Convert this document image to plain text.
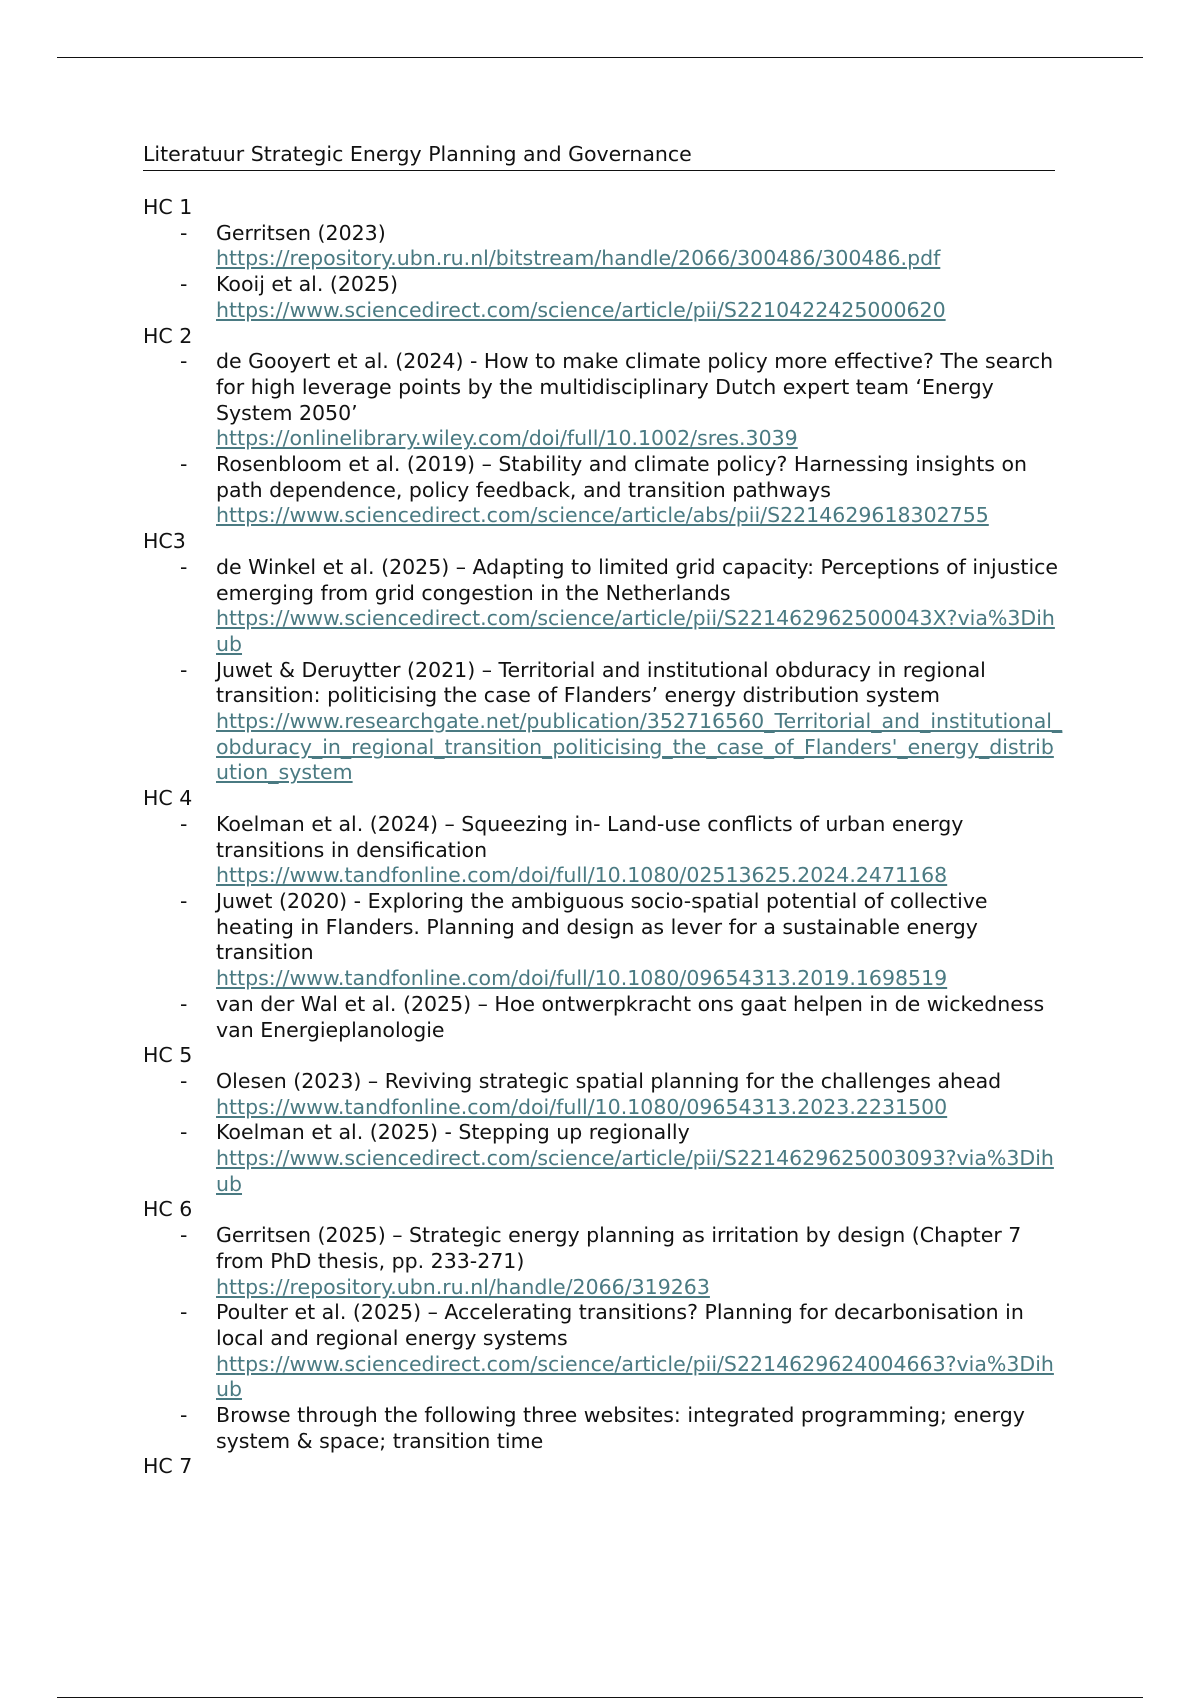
Literatuur Strategic Energy Planning and Governance
HC 1
- Gerritsen (2023)
https://repository.ubn.ru.nl/bitstream/handle/2066/300486/300486.pdf
- Kooij et al. (2025)
https://www.sciencedirect.com/science/article/pii/S2210422425000620
HC 2
- de Gooyert et al. (2024) - How to make climate policy more effective? The search for high leverage points by the multidisciplinary Dutch expert team ‘Energy System 2050’
https://onlinelibrary.wiley.com/doi/full/10.1002/sres.3039
- Rosenbloom et al. (2019) – Stability and climate policy? Harnessing insights on path dependence, policy feedback, and transition pathways
https://www.sciencedirect.com/science/article/abs/pii/S2214629618302755
HC3
- de Winkel et al. (2025) – Adapting to limited grid capacity: Perceptions of injustice emerging from grid congestion in the Netherlands
https://www.sciencedirect.com/science/article/pii/S221462962500043X?via%3Dihub
- Juwet & Deruytter (2021) – Territorial and institutional obduracy in regional transition: politicising the case of Flanders’ energy distribution system
https://www.researchgate.net/publication/352716560_Territorial_and_institutional_obduracy_in_regional_transition_politicising_the_case_of_Flanders'_energy_distribution_system
HC 4
- Koelman et al. (2024) – Squeezing in- Land-use conflicts of urban energy transitions in densification
https://www.tandfonline.com/doi/full/10.1080/02513625.2024.2471168
- Juwet (2020) - Exploring the ambiguous socio-spatial potential of collective heating in Flanders. Planning and design as lever for a sustainable energy transition
https://www.tandfonline.com/doi/full/10.1080/09654313.2019.1698519
- van der Wal et al. (2025) – Hoe ontwerpkracht ons gaat helpen in de wickedness van Energieplanologie
HC 5
- Olesen (2023) – Reviving strategic spatial planning for the challenges ahead
https://www.tandfonline.com/doi/full/10.1080/09654313.2023.2231500
- Koelman et al. (2025) - Stepping up regionally
https://www.sciencedirect.com/science/article/pii/S2214629625003093?via%3Dihub
HC 6
- Gerritsen (2025) – Strategic energy planning as irritation by design (Chapter 7 from PhD thesis, pp. 233-271)
https://repository.ubn.ru.nl/handle/2066/319263
- Poulter et al. (2025) – Accelerating transitions? Planning for decarbonisation in local and regional energy systems
https://www.sciencedirect.com/science/article/pii/S2214629624004663?via%3Dihub
- Browse through the following three websites: integrated programming; energy system & space; transition time
HC 7
